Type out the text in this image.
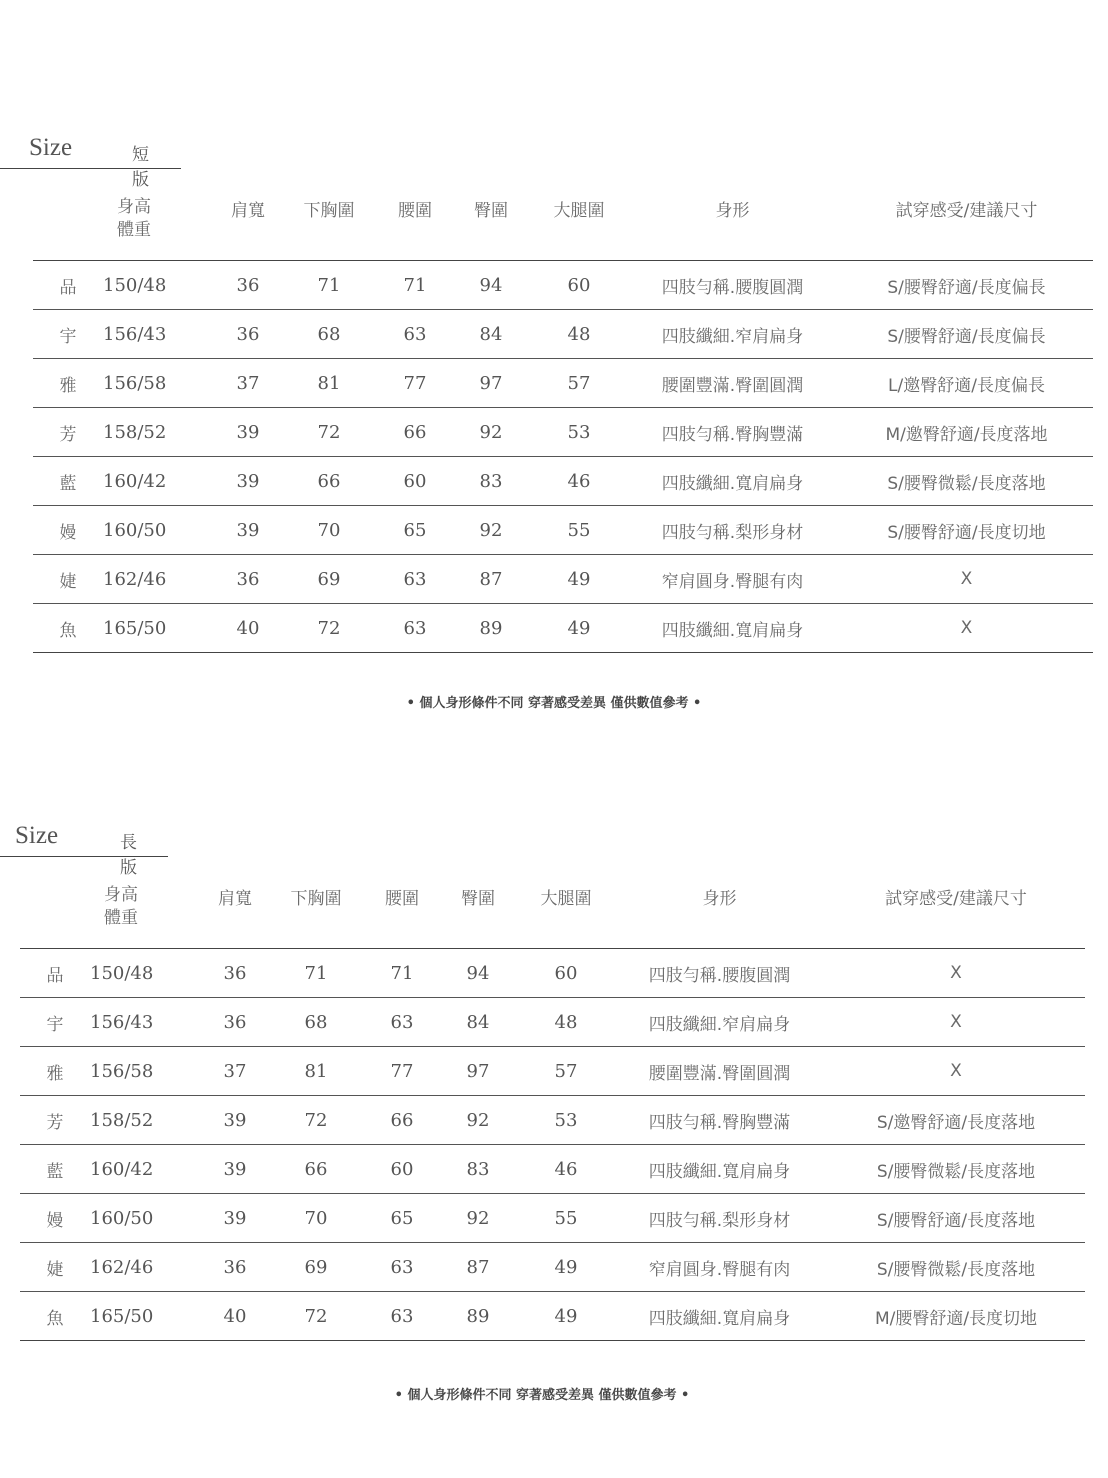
Size	短版
	身高
體重	肩寬	下胸圍	腰圍	臀圍	大腿圍	身形	試穿感受/建議尺寸
品	150/48	36	71	71	94	60	四肢勻稱.腰腹圓潤	S/腰臀舒適/長度偏長
宇	156/43	36	68	63	84	48	四肢纖細.窄肩扁身	S/腰臀舒適/長度偏長
雅	156/58	37	81	77	97	57	腰圍豐滿.臀圍圓潤	L/邀臀舒適/長度偏長
芳	158/52	39	72	66	92	53	四肢勻稱.臀胸豐滿	M/邀臀舒適/長度落地
藍	160/42	39	66	60	83	46	四肢纖細.寬肩扁身	S/腰臀微鬆/長度落地
嫚	160/50	39	70	65	92	55	四肢勻稱.梨形身材	S/腰臀舒適/長度切地
婕	162/46	36	69	63	87	49	窄肩圓身.臀腿有肉	X
魚	165/50	40	72	63	89	49	四肢纖細.寬肩扁身	X
• 個人身形條件不同 穿著感受差異 僅供數值參考 •
Size	長版
	身高
體重	肩寬	下胸圍	腰圍	臀圍	大腿圍	身形	試穿感受/建議尺寸
品	150/48	36	71	71	94	60	四肢勻稱.腰腹圓潤	X
宇	156/43	36	68	63	84	48	四肢纖細.窄肩扁身	X
雅	156/58	37	81	77	97	57	腰圍豐滿.臀圍圓潤	X
芳	158/52	39	72	66	92	53	四肢勻稱.臀胸豐滿	S/邀臀舒適/長度落地
藍	160/42	39	66	60	83	46	四肢纖細.寬肩扁身	S/腰臀微鬆/長度落地
嫚	160/50	39	70	65	92	55	四肢勻稱.梨形身材	S/腰臀舒適/長度落地
婕	162/46	36	69	63	87	49	窄肩圓身.臀腿有肉	S/腰臀微鬆/長度落地
魚	165/50	40	72	63	89	49	四肢纖細.寬肩扁身	M/腰臀舒適/長度切地
• 個人身形條件不同 穿著感受差異 僅供數值參考 •
